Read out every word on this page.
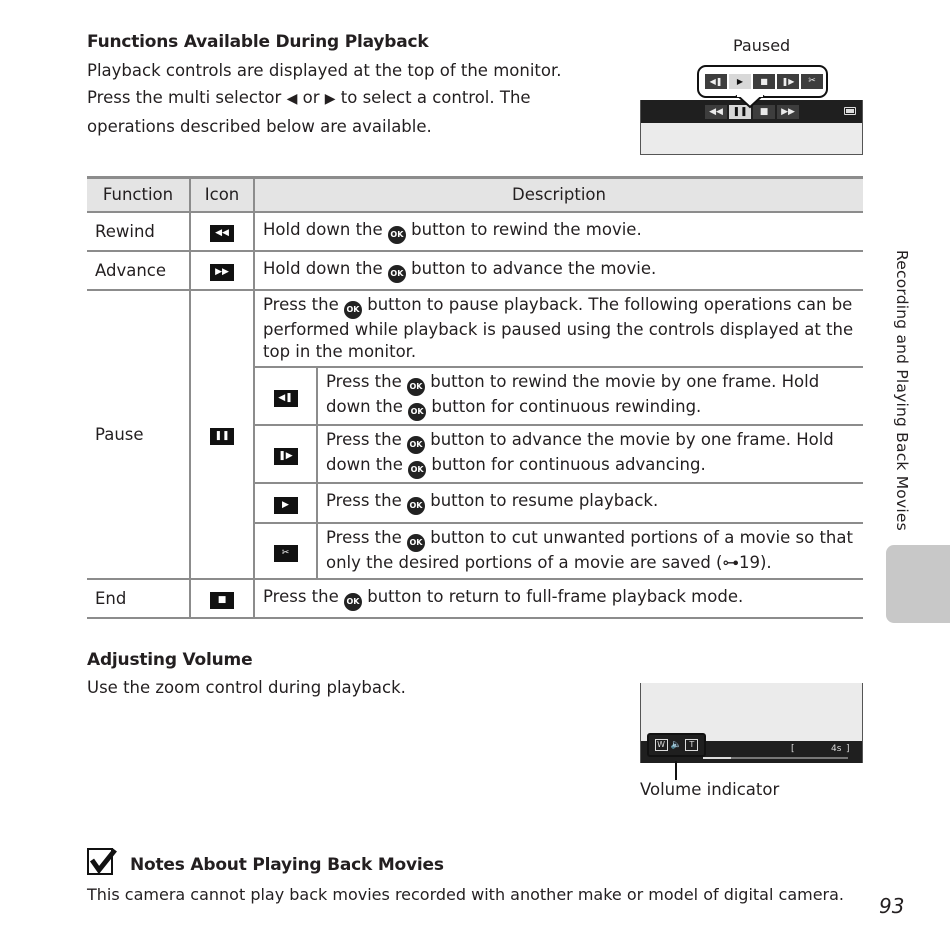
Functions Available During Playback
Playback controls are displayed at the top of the monitor.
Press the multi selector ◀ or ▶ to select a control. The
operations described below are available.
Paused
◀◀	❚❚	■	▶▶
◀❚	▶	■	❚▶	✂
Function	Icon	Description	
Rewind	◀◀	Hold down the OK button to rewind the movie.	
Advance	▶▶	Hold down the OK button to advance the movie.	
Pause	❚❚	Press the OK button to pause playback. The following operations can be performed while playback is paused using the controls displayed at the top in the monitor.	
		◀❚	Press the OK button to rewind the movie by one frame. Hold down the OK button for continuous rewinding.
		❚▶	Press the OK button to advance the movie by one frame. Hold down the OK button for continuous advancing.
		▶	Press the OK button to resume playback.
		✂	Press the OK button to cut unwanted portions of a movie so that only the desired portions of a movie are saved (⊶19).
End	■	Press the OK button to return to full-frame playback mode.	
Adjusting Volume
Use the zoom control during playback.
[	4s ]
W 🔈 T
Volume indicator
Notes About Playing Back Movies
This camera cannot play back movies recorded with another make or model of digital camera.
Recording and Playing Back Movies
93
